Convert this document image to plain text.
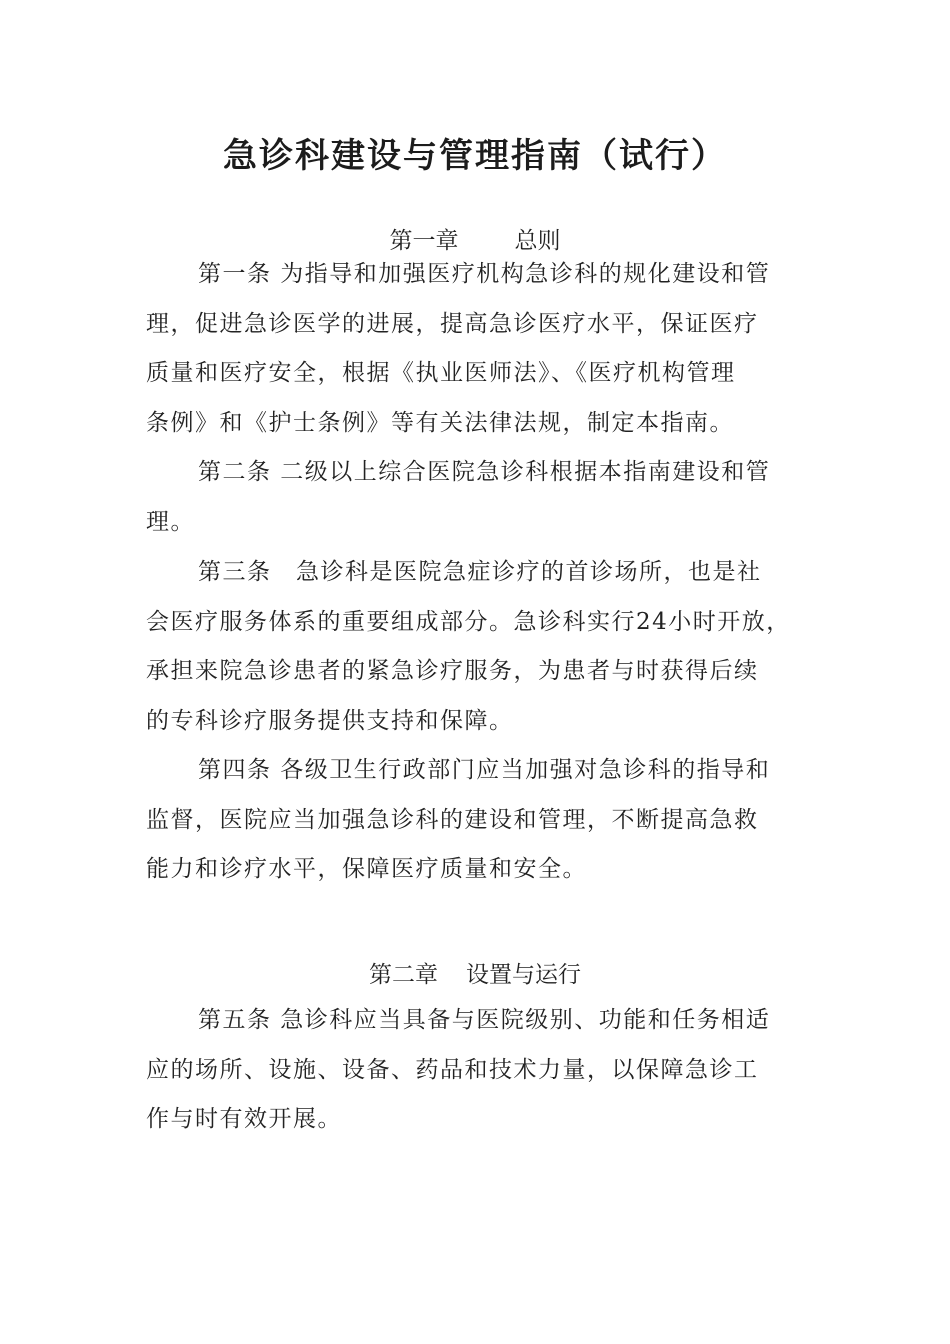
急诊科建设与管理指南（试行）
第一章 总则
第一条 为指导和加强医疗机构急诊科的规化建设和管
理，促进急诊医学的进展，提高急诊医疗水平，保证医疗
质量和医疗安全，根据《执业医师法》、《医疗机构管理
条例》和《护士条例》等有关法律法规，制定本指南。
第二条 二级以上综合医院急诊科根据本指南建设和管
理。
第三条　急诊科是医院急症诊疗的首诊场所，也是社
会医疗服务体系的重要组成部分。急诊科实行24小时开放，
承担来院急诊患者的紧急诊疗服务，为患者与时获得后续
的专科诊疗服务提供支持和保障。
第四条 各级卫生行政部门应当加强对急诊科的指导和
监督，医院应当加强急诊科的建设和管理，不断提高急救
能力和诊疗水平，保障医疗质量和安全。
第二章 设置与运行
第五条 急诊科应当具备与医院级别、功能和任务相适
应的场所、设施、设备、药品和技术力量，以保障急诊工
作与时有效开展。
